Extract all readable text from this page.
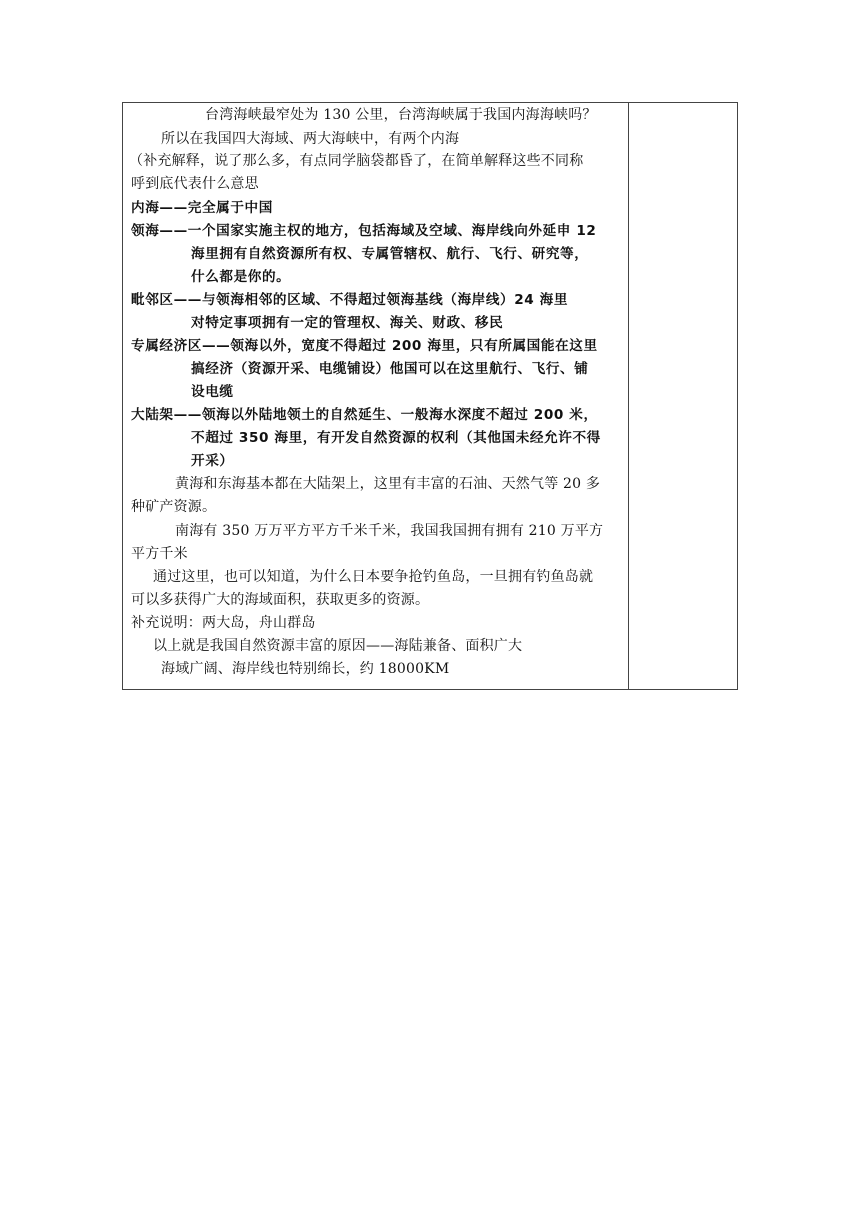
台湾海峡最窄处为 130 公里，台湾海峡属于我国内海海峡吗？
所以在我国四大海域、两大海峡中，有两个内海
（补充解释，说了那么多，有点同学脑袋都昏了，在简单解释这些不同称
呼到底代表什么意思
内海——完全属于中国
领海——一个国家实施主权的地方，包括海域及空域、海岸线向外延申 12
海里拥有自然资源所有权、专属管辖权、航行、飞行、研究等，
什么都是你的。
毗邻区——与领海相邻的区域、不得超过领海基线（海岸线）24 海里
对特定事项拥有一定的管理权、海关、财政、移民
专属经济区——领海以外，宽度不得超过 200 海里，只有所属国能在这里
搞经济（资源开采、电缆铺设）他国可以在这里航行、飞行、铺
设电缆
大陆架——领海以外陆地领土的自然延生、一般海水深度不超过 200 米，
不超过 350 海里，有开发自然资源的权利（其他国未经允许不得
开采）
黄海和东海基本都在大陆架上，这里有丰富的石油、天然气等 20 多
种矿产资源。
南海有 350 万万平方平方千米千米，我国我国拥有拥有 210 万平方
平方千米
通过这里，也可以知道，为什么日本要争抢钓鱼岛，一旦拥有钓鱼岛就
可以多获得广大的海域面积，获取更多的资源。
补充说明：两大岛，舟山群岛
以上就是我国自然资源丰富的原因——海陆兼备、面积广大
海域广阔、海岸线也特别绵长，约 18000KM
